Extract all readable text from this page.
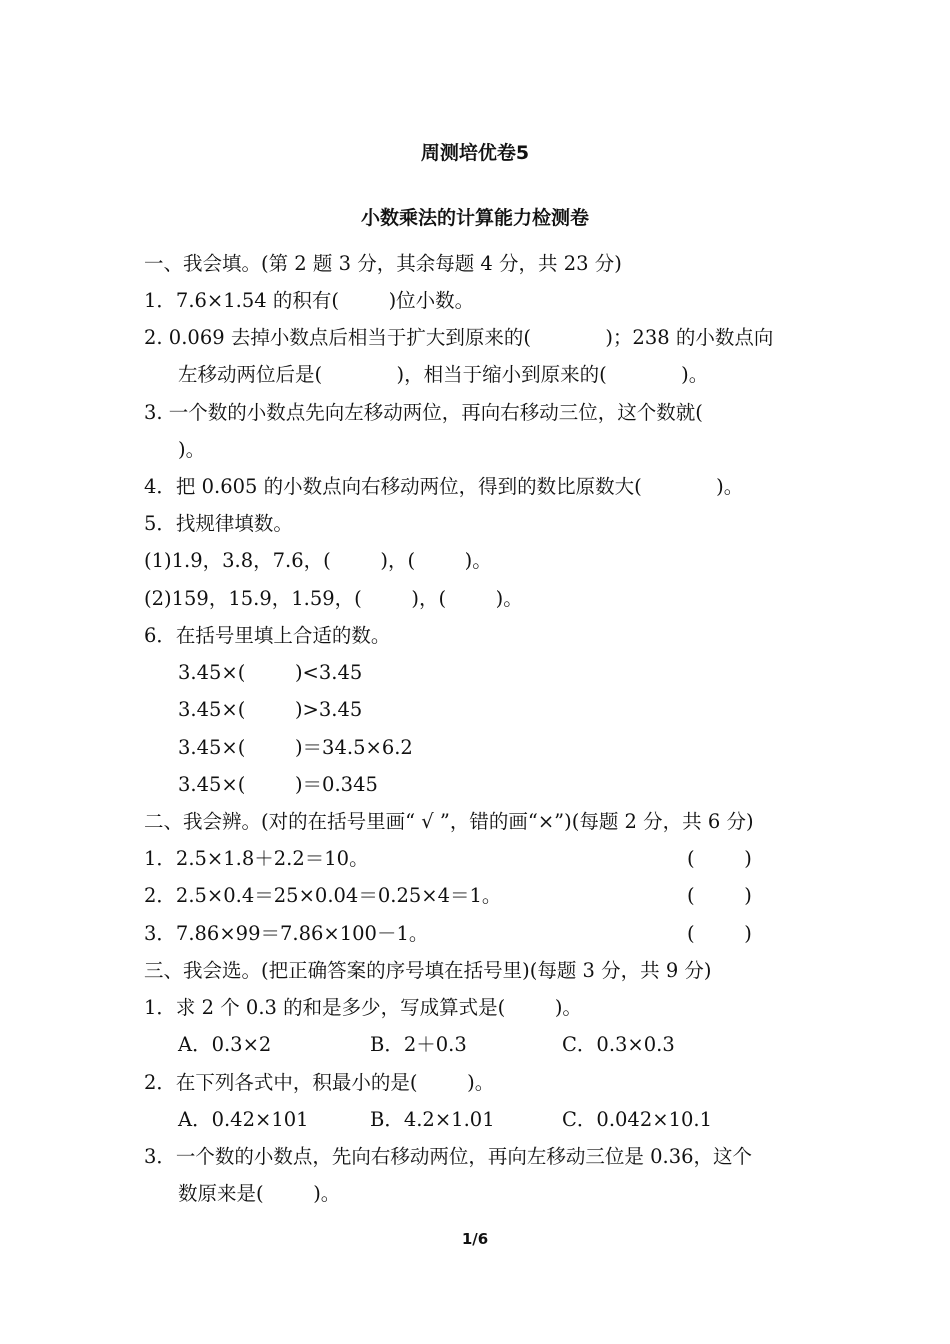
周测培优卷5
小数乘法的计算能力检测卷
一、我会填。(第 2 题 3 分，其余每题 4 分，共 23 分)
1．7.6×1.54 的积有(        )位小数。
2. 0.069 去掉小数点后相当于扩大到原来的(            )；238 的小数点向
左移动两位后是(            )，相当于缩小到原来的(            )。
3. 一个数的小数点先向左移动两位，再向右移动三位，这个数就(
)。
4．把 0.605 的小数点向右移动两位，得到的数比原数大(            )。
5．找规律填数。
(1)1.9，3.8，7.6，(        )，(        )。
(2)159，15.9，1.59，(        )，(        )。
6．在括号里填上合适的数。
3.45×(        )<3.45
3.45×(        )>3.45
3.45×(        )＝34.5×6.2
3.45×(        )＝0.345
二、我会辨。(对的在括号里画“ √ ”，错的画“×”)(每题 2 分，共 6 分)
1．2.5×1.8＋2.2＝10。	(        )
2．2.5×0.4＝25×0.04＝0.25×4＝1。	(        )
3．7.86×99＝7.86×100－1。	(        )
三、我会选。(把正确答案的序号填在括号里)(每题 3 分，共 9 分)
1．求 2 个 0.3 的和是多少，写成算式是(        )。
A．0.3×2	B．2＋0.3	C．0.3×0.3
2．在下列各式中，积最小的是(        )。
A．0.42×101	B．4.2×1.01	C．0.042×10.1
3．一个数的小数点，先向右移动两位，再向左移动三位是 0.36，这个
数原来是(        )。
1/6
